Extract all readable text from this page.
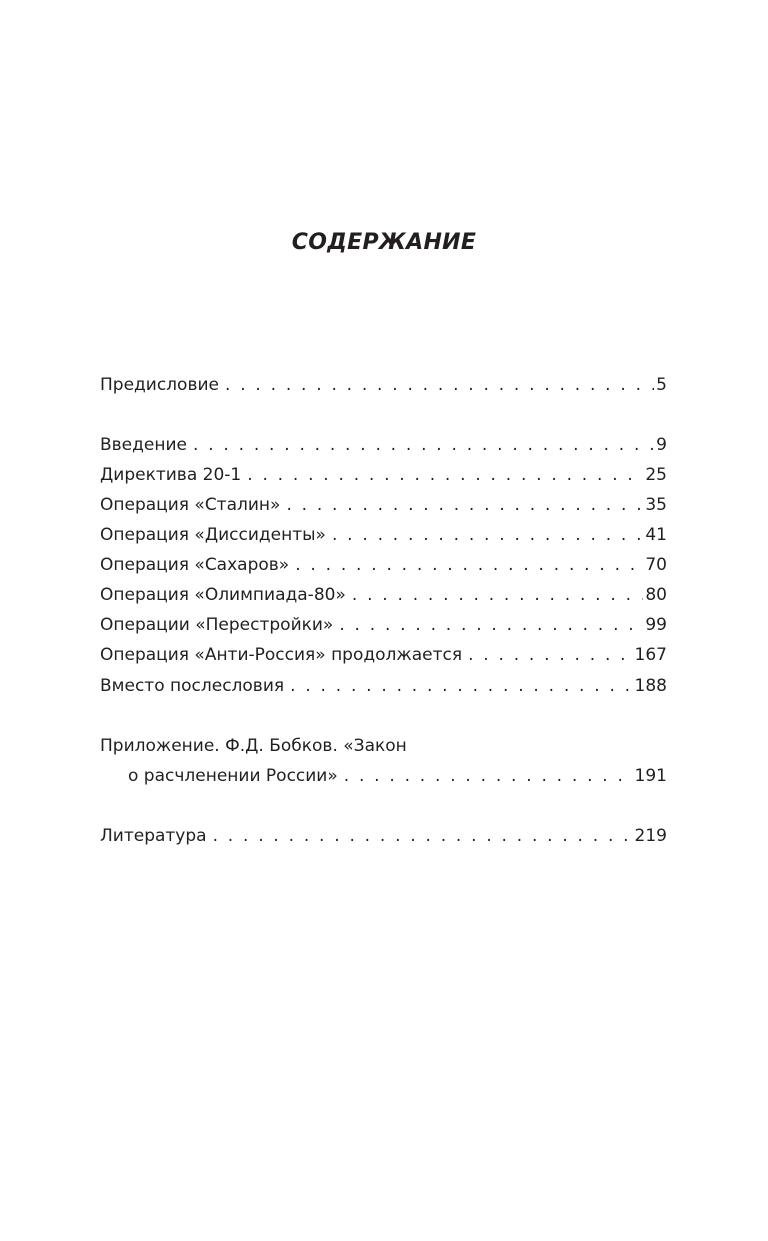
СОДЕРЖАНИЕ
Предисловие . . .	5
Введение . . .	9
Директива 20-1 . . .	25
Операция «Сталин» . . .	35
Операция «Диссиденты» . . .	41
Операция «Сахаров» . . .	70
Операция «Олимпиада-80» . . .	80
Операции «Перестройки» . . .	99
Операция «Анти-Россия» продолжается . . .	167
Вместо послесловия . . .	188
Приложение. Ф.Д. Бобков. «Закон
о расчленении России» . . .	191
Литература . . .	219
